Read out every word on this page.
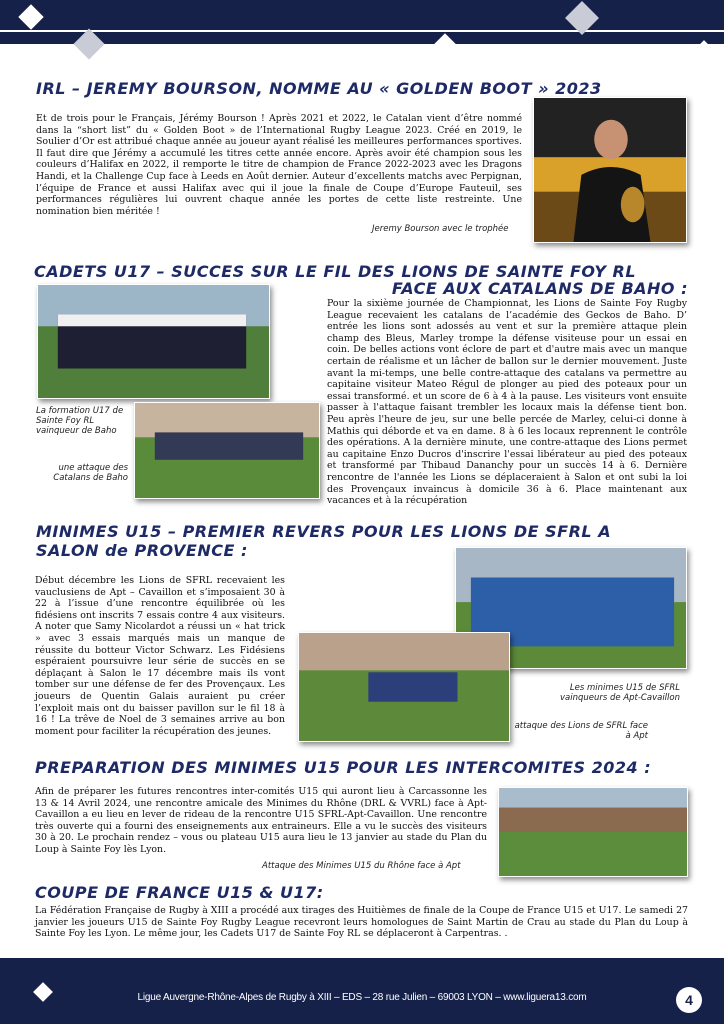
IRL – JEREMY BOURSON, NOMME AU « GOLDEN BOOT » 2023
Et de trois pour le Français, Jérémy Bourson ! Après 2021 et 2022, le Catalan vient d’être nommé dans la “short list” du « Golden Boot » de l’International Rugby League 2023. Créé en 2019, le Soulier d’Or est attribué chaque année au joueur ayant réalisé les meilleures performances sportives. Il faut dire que Jérémy a accumulé les titres cette année encore. Après avoir été champion sous les couleurs d’Halifax en 2022, il remporte le titre de champion de France 2022-2023 avec les Dragons Handi, et la Challenge Cup face à Leeds en Août dernier. Auteur d’excellents matchs avec Perpignan, l’équipe de France et aussi Halifax avec qui il joue la finale de Coupe d’Europe Fauteuil, ses performances régulières lui ouvrent chaque année les portes de cette liste restreinte. Une nomination bien méritée !
Jeremy Bourson avec le trophée
CADETS U17 – SUCCES SUR LE FIL DES LIONS DE SAINTE FOY RL
FACE AUX CATALANS DE BAHO :
La formation U17 de Sainte Foy RL vainqueur de Baho
une attaque des Catalans de Baho
Pour la sixième journée de Championnat, les Lions de Sainte Foy Rugby League recevaient les catalans de l’académie des Geckos de Baho. D’ entrée les lions sont adossés au vent et sur la première attaque plein champ des Bleus, Marley trompe la défense visiteuse pour un essai en coin. De belles actions vont éclore de part et d'autre mais avec un manque certain de réalisme et un lâcher de ballon sur le dernier mouvement. Juste avant la mi-temps, une belle contre-attaque des catalans va permettre au capitaine visiteur Mateo Régul de plonger au pied des poteaux pour un essai transformé. et un score de 6 à 4 à la pause. Les visiteurs vont ensuite passer à l'attaque faisant trembler les locaux mais la défense tient bon. Peu après l'heure de jeu, sur une belle percée de Marley, celui-ci donne à Mathis qui déborde et va en dame. 8 à 6 les locaux reprennent le contrôle des opérations. A la dernière minute, une contre-attaque des Lions permet au capitaine Enzo Ducros d'inscrire l'essai libérateur au pied des poteaux et transformé par Thibaud Dananchy pour un succès 14 à 6. Dernière rencontre de l'année les Lions se déplaceraient à Salon et ont subi la loi des Provençaux invaincus à domicile 36 à 6. Place maintenant aux vacances et à la récupération
MINIMES U15 – PREMIER REVERS POUR LES LIONS DE SFRL A
SALON de PROVENCE :
Début décembre les Lions de SFRL recevaient les vauclusiens de Apt – Cavaillon et s’imposaient 30 à 22 à l’issue d’une rencontre équilibrée où les fidésiens ont inscrits 7 essais contre 4 aux visiteurs. A noter que Samy Nicolardot a réussi un « hat trick » avec 3 essais marqués mais un manque de réussite du botteur Victor Schwarz. Les Fidésiens espéraient poursuivre leur série de succès en se déplaçant à Salon le 17 décembre mais ils vont tomber sur une défense de fer des Provençaux. Les joueurs de Quentin Galais auraient pu créer l’exploit mais ont du baisser pavillon sur le fil 18 à 16 ! La trêve de Noel de 3 semaines arrive au bon moment pour faciliter la récupération des jeunes.
Les minimes U15 de SFRL vainqueurs de Apt-Cavaillon
attaque des Lions de SFRL face à Apt
PREPARATION DES MINIMES U15 POUR LES INTERCOMITES 2024 :
Afin de préparer les futures rencontres inter-comités U15 qui auront lieu à Carcassonne les 13 & 14 Avril 2024, une rencontre amicale des Minimes du Rhône (DRL & VVRL) face à Apt-Cavaillon a eu lieu en lever de rideau de la rencontre U15 SFRL-Apt-Cavaillon. Une rencontre très ouverte qui a fourni des enseignements aux entraineurs. Elle a vu le succès des visiteurs 30 à 20. Le prochain rendez – vous ou plateau U15 aura lieu le 13 janvier au stade du Plan du Loup à Sainte Foy lès Lyon.
Attaque des Minimes U15 du Rhône face à Apt
COUPE DE FRANCE U15 & U17:
La Fédération Française de Rugby à XIII a procédé aux tirages des Huitièmes de finale de la Coupe de France U15 et U17. Le samedi 27 janvier les joueurs U15 de Sainte Foy Rugby League recevront leurs homologues de Saint Martin de Crau au stade du Plan du Loup à Sainte Foy les Lyon. Le même jour, les Cadets U17 de Sainte Foy RL se déplaceront à Carpentras. .
Ligue Auvergne-Rhône-Alpes de Rugby à XIII – EDS – 28 rue Julien – 69003 LYON – www.liguera13.com	4
